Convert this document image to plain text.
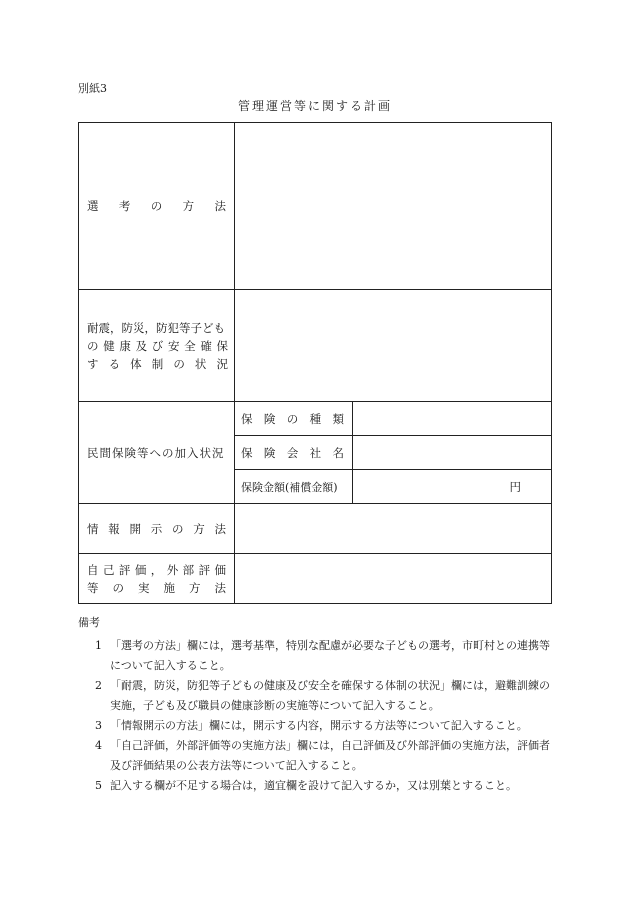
別紙3
管理運営等に関する計画
選 考 の 方 法
耐震，防災，防犯等子ども
の 健 康 及 び 安 全 確 保
す る 体 制 の 状 況
民間保険等への加入状況
保 険 の 種 類
保 険 会 社 名
保険金額(補償金額)	円
情 報 開 示 の 方 法
自 己 評 価 ， 外 部 評 価
等 の 実 施 方 法
備考
1 「選考の方法」欄には，選考基準，特別な配慮が必要な子どもの選考，市町村との連携等について記入すること。
2 「耐震，防災，防犯等子どもの健康及び安全を確保する体制の状況」欄には，避難訓練の実施，子ども及び職員の健康診断の実施等について記入すること。
3 「情報開示の方法」欄には，開示する内容，開示する方法等について記入すること。
4 「自己評価，外部評価等の実施方法」欄には，自己評価及び外部評価の実施方法，評価者及び評価結果の公表方法等について記入すること。
5 記入する欄が不足する場合は，適宜欄を設けて記入するか，又は別葉とすること。
